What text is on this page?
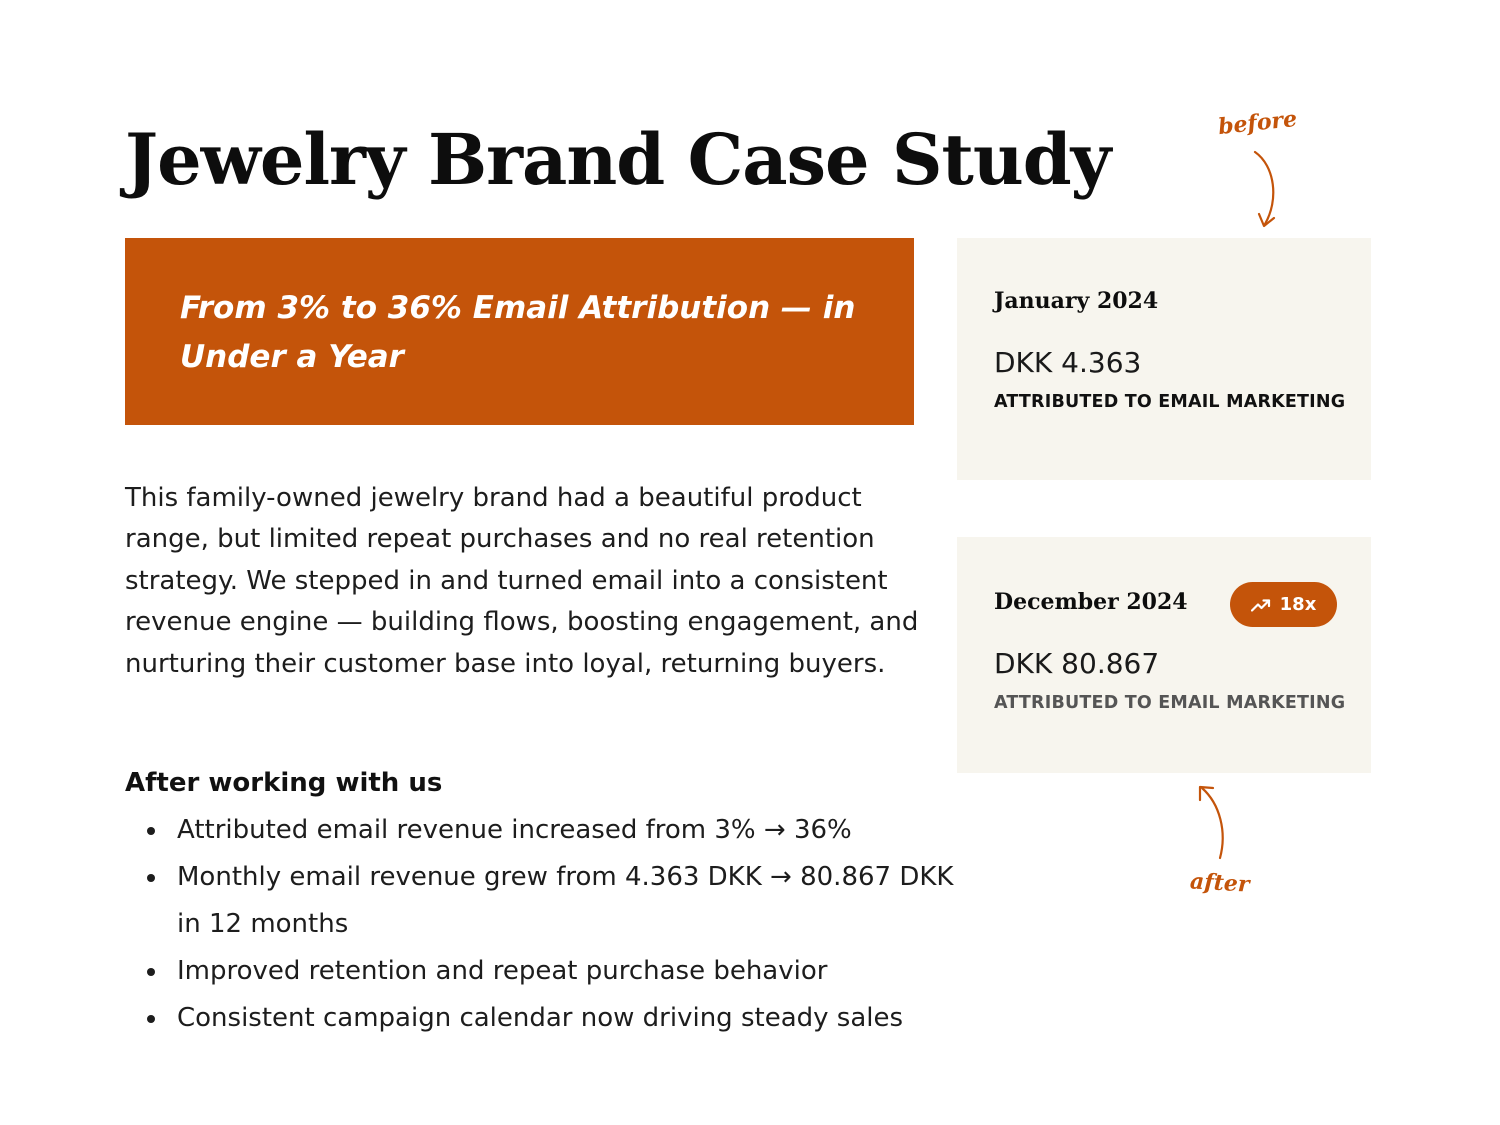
Jewelry Brand Case Study

From 3% to 36% Email Attribution — in Under a Year

This family-owned jewelry brand had a beautiful product range, but limited repeat purchases and no real retention strategy. We stepped in and turned email into a consistent revenue engine — building flows, boosting engagement, and nurturing their customer base into loyal, returning buyers.

After working with us
Attributed email revenue increased from 3% → 36%
Monthly email revenue grew from 4.363 DKK → 80.867 DKK in 12 months
Improved retention and repeat purchase behavior
Consistent campaign calendar now driving steady sales
January 2024
DKK 4.363
ATTRIBUTED TO EMAIL MARKETING
December 2024	18x
DKK 80.867
ATTRIBUTED TO EMAIL MARKETING
before
after
